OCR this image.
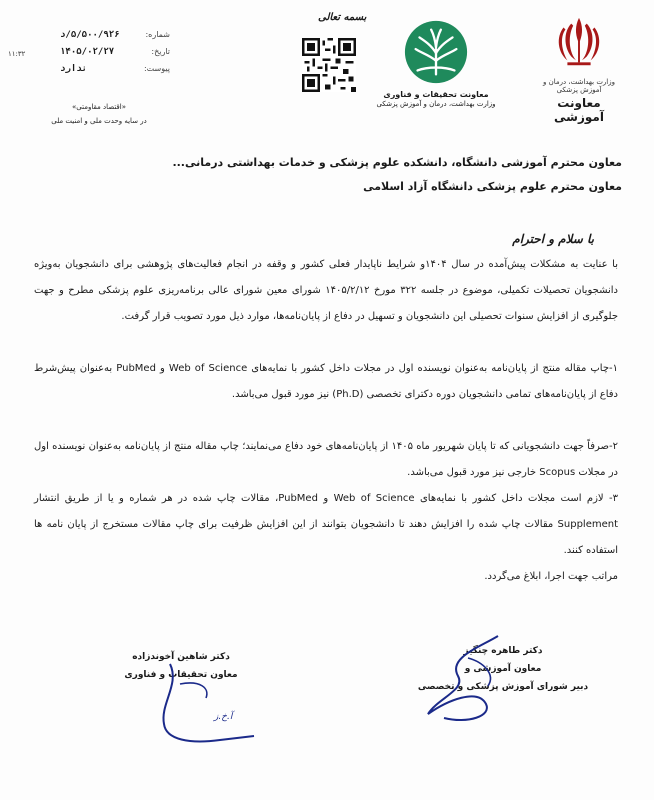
وزارت بهداشت، درمان و آموزش پزشکی
معاونت آموزشی
معاونت تحقیقات و فناوری
وزارت بهداشت، درمان و آموزش پزشکی
بسمه تعالی
شماره:
۵/۵۰۰/۹۲۶/د
تاریخ:
۱۴۰۵/۰۲/۲۷
پیوست:
ندارد
۱۱:۳۲
«اقتصاد مقاومتی»
در سایه وحدت ملی و امنیت ملی
معاون محترم آموزشی دانشگاه، دانشکده علوم پزشکی و خدمات بهداشتی درمانی...
معاون محترم علوم پزشکی دانشگاه آزاد اسلامی
با سلام و احترام
با عنایت به مشکلات پیش‌آمده در سال ۱۴۰۴و شرایط ناپایدار فعلی کشور و وقفه در انجام فعالیت‌های پژوهشی برای دانشجویان به‌ویژه دانشجویان تحصیلات تکمیلی، موضوع در جلسه ۳۲۲ مورخ ۱۴۰۵/۲/۱۲ شورای معین شورای عالی برنامه‌ریزی علوم پزشکی مطرح و جهت جلوگیری از افزایش سنوات تحصیلی این دانشجویان و تسهیل در دفاع از پایان‌نامه‌ها، موارد ذیل مورد تصویب قرار گرفت.
۱-چاپ مقاله منتج از پایان‌نامه به‌عنوان نویسنده اول در مجلات داخل کشور با نمایه‌های Web of Science و PubMed به‌عنوان پیش‌شرط دفاع از پایان‌نامه‌های تمامی دانشجویان دوره دکترای تخصصی (Ph.D) نیز مورد قبول می‌باشد.
۲-صرفاً جهت دانشجویانی که تا پایان شهریور ماه ۱۴۰۵ از پایان‌نامه‌های خود دفاع می‌نمایند؛ چاپ مقاله منتج از پایان‌نامه به‌عنوان نویسنده اول در مجلات Scopus خارجی نیز مورد قبول می‌باشد.
۳- لازم است مجلات داخل کشور با نمایه‌های Web of Science و PubMed، مقالات چاپ شده در هر شماره و یا از طریق انتشار Supplement مقالات چاپ شده را افزایش دهند تا دانشجویان بتوانند از این افزایش ظرفیت برای چاپ مقالات مستخرج از پایان نامه ها استفاده کنند.
مراتب جهت اجرا، ابلاغ می‌گردد.
دکتر طاهره چنگیز
معاون آموزشی و
دبیر شورای آموزش پزشکی و تخصصی
دکتر شاهین آخوندزاده
معاون تحقیقات و فناوری
آ.خ.ز
